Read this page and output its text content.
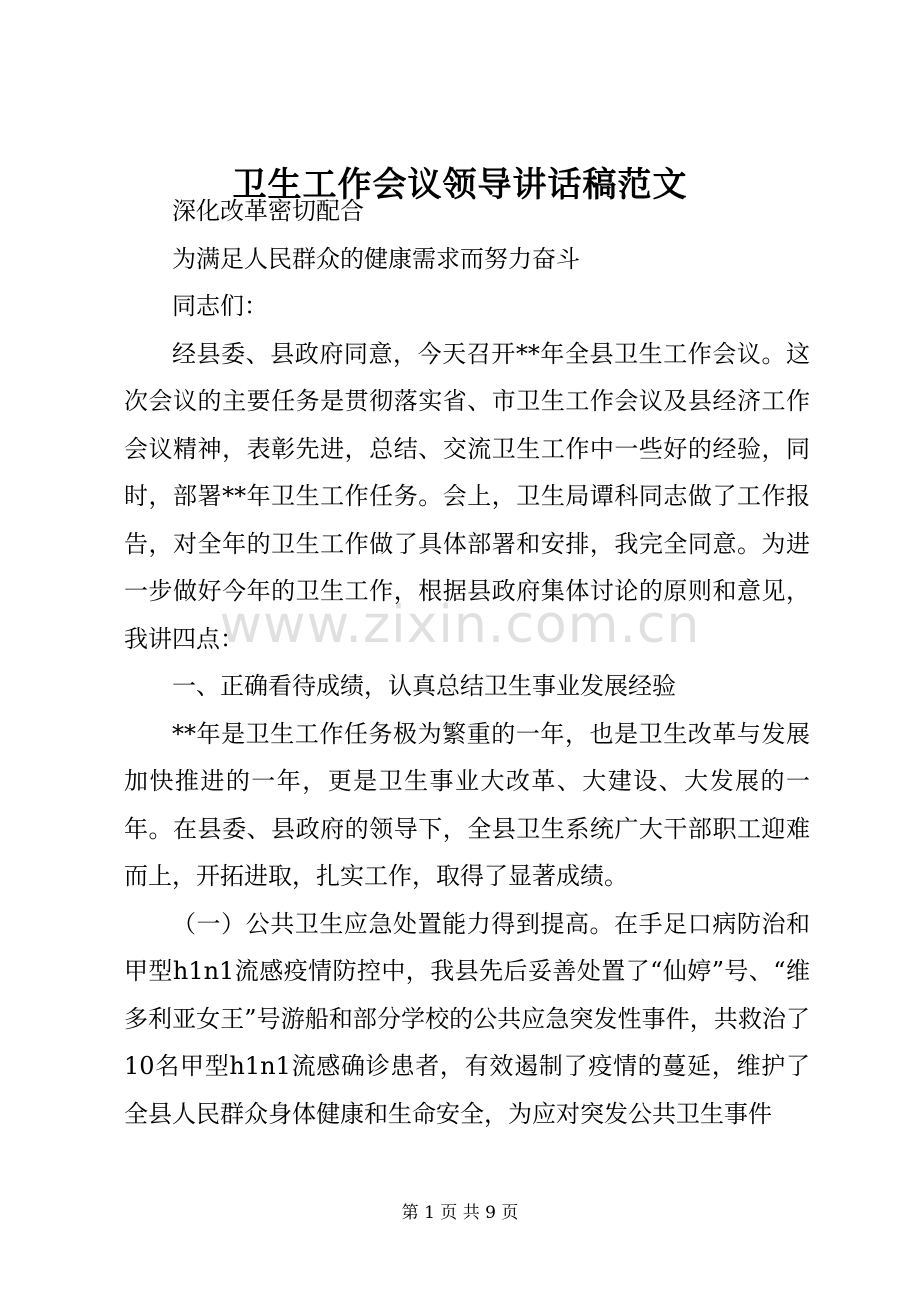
卫生工作会议领导讲话稿范文

深化改革密切配合

为满足人民群众的健康需求而努力奋斗

同志们：

经县委、县政府同意，今天召开**年全县卫生工作会议。这次会议的主要任务是贯彻落实省、市卫生工作会议及县经济工作会议精神，表彰先进，总结、交流卫生工作中一些好的经验，同时，部署**年卫生工作任务。会上，卫生局谭科同志做了工作报告，对全年的卫生工作做了具体部署和安排，我完全同意。为进一步做好今年的卫生工作，根据县政府集体讨论的原则和意见，我讲四点：

一、正确看待成绩，认真总结卫生事业发展经验

**年是卫生工作任务极为繁重的一年，也是卫生改革与发展加快推进的一年，更是卫生事业大改革、大建设、大发展的一年。在县委、县政府的领导下，全县卫生系统广大干部职工迎难而上，开拓进取，扎实工作，取得了显著成绩。

（一）公共卫生应急处置能力得到提高。在手足口病防治和甲型h1n1流感疫情防控中，我县先后妥善处置了“仙婷”号、“维多利亚女王”号游船和部分学校的公共应急突发性事件，共救治了10名甲型h1n1流感确诊患者，有效遏制了疫情的蔓延，维护了全县人民群众身体健康和生命安全，为应对突发公共卫生事件

www.zixin.com.cn
第 1 页 共 9 页
